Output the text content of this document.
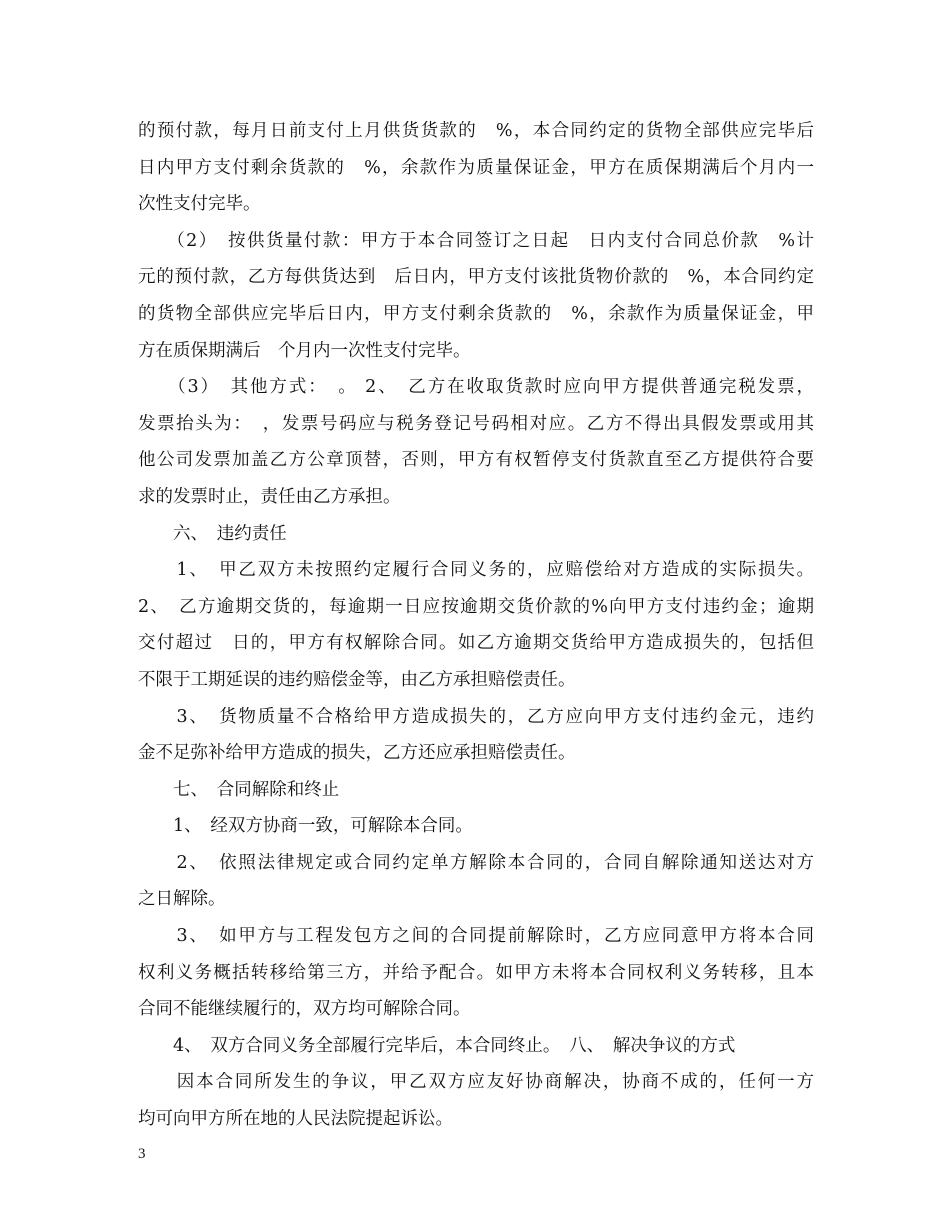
的预付款，每月日前支付上月供货货款的　%，本合同约定的货物全部供应完毕后
日内甲方支付剩余货款的　%，余款作为质量保证金，甲方在质保期满后个月内一
次性支付完毕。
　　（2）　按供货量付款：甲方于本合同签订之日起　日内支付合同总价款　%计
元的预付款，乙方每供货达到　后日内，甲方支付该批货物价款的　%，本合同约定
的货物全部供应完毕后日内，甲方支付剩余货款的　%，余款作为质量保证金，甲
方在质保期满后　个月内一次性支付完毕。
　　（3）　其他方式：　。 2、　乙方在收取货款时应向甲方提供普通完税发票，
发票抬头为：　，发票号码应与税务登记号码相对应。乙方不得出具假发票或用其
他公司发票加盖乙方公章顶替，否则，甲方有权暂停支付货款直至乙方提供符合要
求的发票时止，责任由乙方承担。
　　六、　违约责任
　　1、　甲乙双方未按照约定履行合同义务的，应赔偿给对方造成的实际损失。
2、　乙方逾期交货的，每逾期一日应按逾期交货价款的%向甲方支付违约金；逾期
交付超过　日的，甲方有权解除合同。如乙方逾期交货给甲方造成损失的，包括但
不限于工期延误的违约赔偿金等，由乙方承担赔偿责任。
　　3、　货物质量不合格给甲方造成损失的，乙方应向甲方支付违约金元，违约
金不足弥补给甲方造成的损失，乙方还应承担赔偿责任。
　　七、　合同解除和终止
　　1、　经双方协商一致，可解除本合同。
　　2、　依照法律规定或合同约定单方解除本合同的，合同自解除通知送达对方
之日解除。
　　3、　如甲方与工程发包方之间的合同提前解除时，乙方应同意甲方将本合同
权利义务概括转移给第三方，并给予配合。如甲方未将本合同权利义务转移，且本
合同不能继续履行的，双方均可解除合同。
　　4、　双方合同义务全部履行完毕后，本合同终止。　八、　解决争议的方式
　　因本合同所发生的争议，甲乙双方应友好协商解决，协商不成的，任何一方
均可向甲方所在地的人民法院提起诉讼。
3
